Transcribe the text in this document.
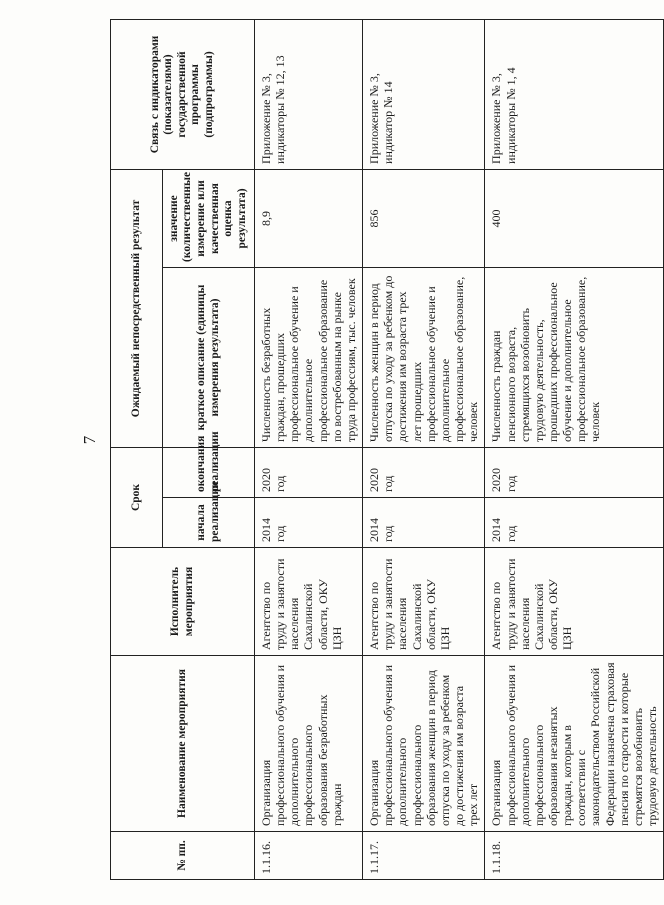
7
№ пп.	Наименование мероприятия	Исполнитель мероприятия	Срок		Ожидаемый непосредственный результат		Связь с индикаторами (показателями) государственной программы (подпрограммы)
			начала реализации	окончания реализации	краткое описание (единицы измерения результата)	значение (количественные измерение или качественная оценка результата)	
1.1.16.	Организация профессионального обучения и дополнительного профессионального образования безработных граждан	Агентство по труду и занятости населения Сахалинской области, ОКУ ЦЗН	2014 год	2020 год	Численность безработных граждан, прошедших профессиональное обучение и дополнительное профессиональное образование по востребованным на рынке труда профессиям, тыс. человек	8,9	Приложение № 3, индикаторы № 12, 13
1.1.17.	Организация профессионального обучения и дополнительного профессионального образования женщин в период отпуска по уходу за ребенком до достижения им возраста трех лет	Агентство по труду и занятости населения Сахалинской области, ОКУ ЦЗН	2014 год	2020 год	Численность женщин в период отпуска по уходу за ребенком до достижения им возраста трех лет прошедших профессиональное обучение и дополнительное профессиональное образование, человек	856	Приложение № 3, индикатор № 14
1.1.18.	Организация профессионального обучения и дополнительного профессионального образования незанятых граждан, которым в соответствии с законодательством Российской Федерации назначена страховая пенсия по старости и которые стремятся возобновить трудовую деятельность	Агентство по труду и занятости населения Сахалинской области, ОКУ ЦЗН	2014 год	2020 год	Численность граждан пенсионного возраста, стремящихся возобновить трудовую деятельность, прошедших профессиональное обучение и дополнительное профессиональное образование, человек	400	Приложение № 3, индикаторы № 1, 4
